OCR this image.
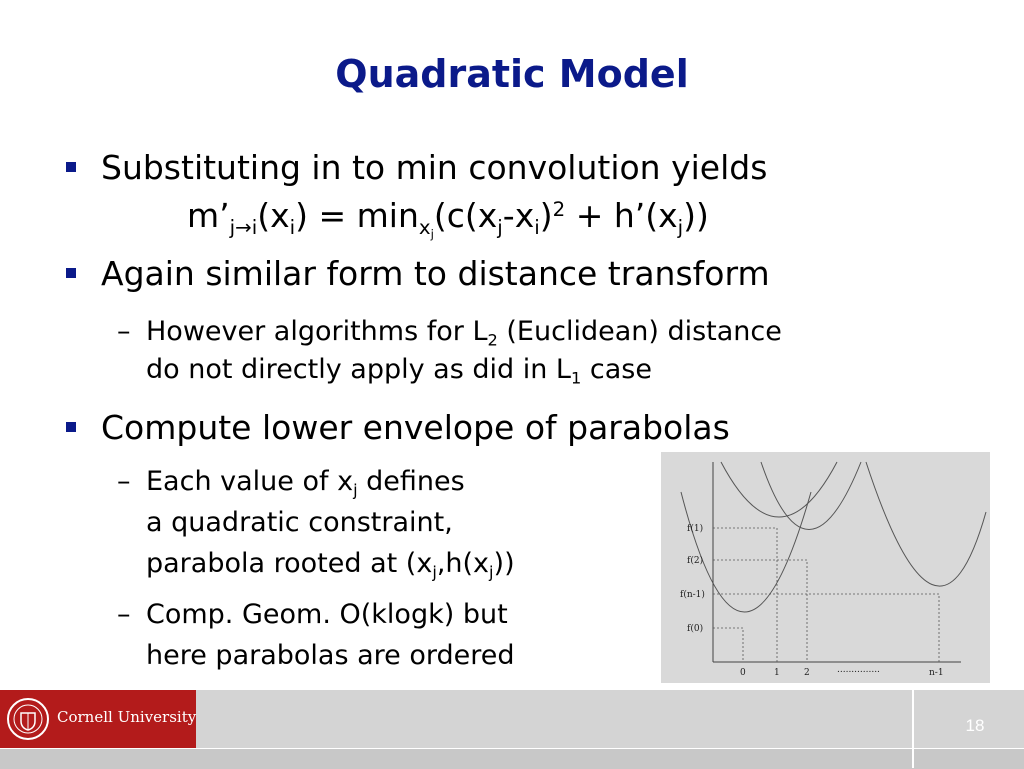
Quadratic Model
Substituting in to min convolution yields
$m’_{j\to i}(x_i) = \min_{x_j}(c(x_j-x_i)^2$ + $h’(x_j)$)
Again similar form to distance transform
– However algorithms for $L_2$ (Euclidean) distance
do not directly apply as did in $L_1$ case
Compute lower envelope of parabolas
– Each value of $x_j$ defines
a quadratic constraint,
parabola rooted at $(x_j,h(x_j))$
– Comp. Geom. O(klogk) but
here parabolas are ordered
f(1)
f(2)
f(n-1)
f(0)
0	1	2	...............	n-1
Cornell University	18
